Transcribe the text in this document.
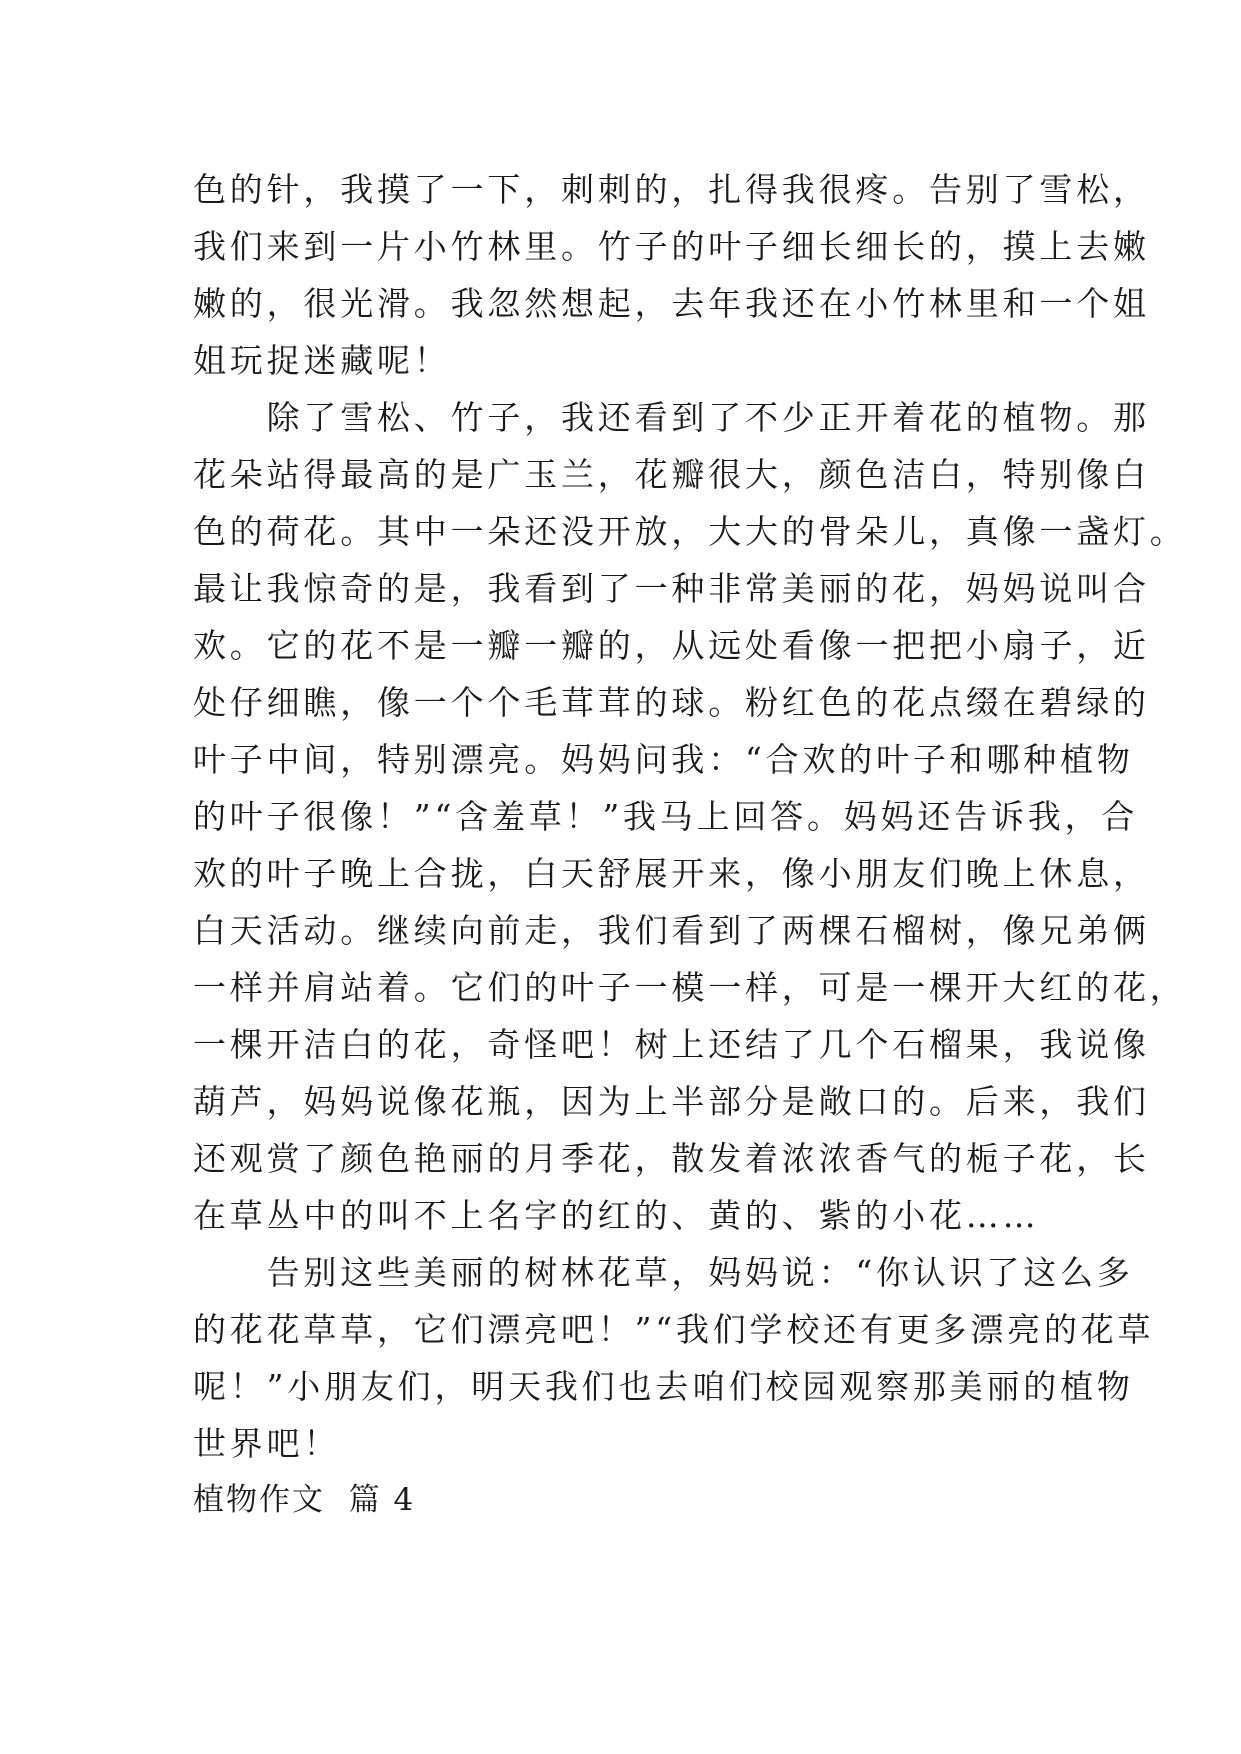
色的针，我摸了一下，刺刺的，扎得我很疼。告别了雪松，
我们来到一片小竹林里。竹子的叶子细长细长的，摸上去嫩
嫩的，很光滑。我忽然想起，去年我还在小竹林里和一个姐
姐玩捉迷藏呢！
　　除了雪松、竹子，我还看到了不少正开着花的植物。那
花朵站得最高的是广玉兰，花瓣很大，颜色洁白，特别像白
色的荷花。其中一朵还没开放，大大的骨朵儿，真像一盏灯。
最让我惊奇的是，我看到了一种非常美丽的花，妈妈说叫合
欢。它的花不是一瓣一瓣的，从远处看像一把把小扇子，近
处仔细瞧，像一个个毛茸茸的球。粉红色的花点缀在碧绿的
叶子中间，特别漂亮。妈妈问我：“合欢的叶子和哪种植物
的叶子很像！”“含羞草！”我马上回答。妈妈还告诉我，合
欢的叶子晚上合拢，白天舒展开来，像小朋友们晚上休息，
白天活动。继续向前走，我们看到了两棵石榴树，像兄弟俩
一样并肩站着。它们的叶子一模一样，可是一棵开大红的花，
一棵开洁白的花，奇怪吧！树上还结了几个石榴果，我说像
葫芦，妈妈说像花瓶，因为上半部分是敞口的。后来，我们
还观赏了颜色艳丽的月季花，散发着浓浓香气的栀子花，长
在草丛中的叫不上名字的红的、黄的、紫的小花……
　　告别这些美丽的树林花草，妈妈说：“你认识了这么多
的花花草草，它们漂亮吧！”“我们学校还有更多漂亮的花草
呢！”小朋友们，明天我们也去咱们校园观察那美丽的植物
世界吧！
植物作文  篇 4
